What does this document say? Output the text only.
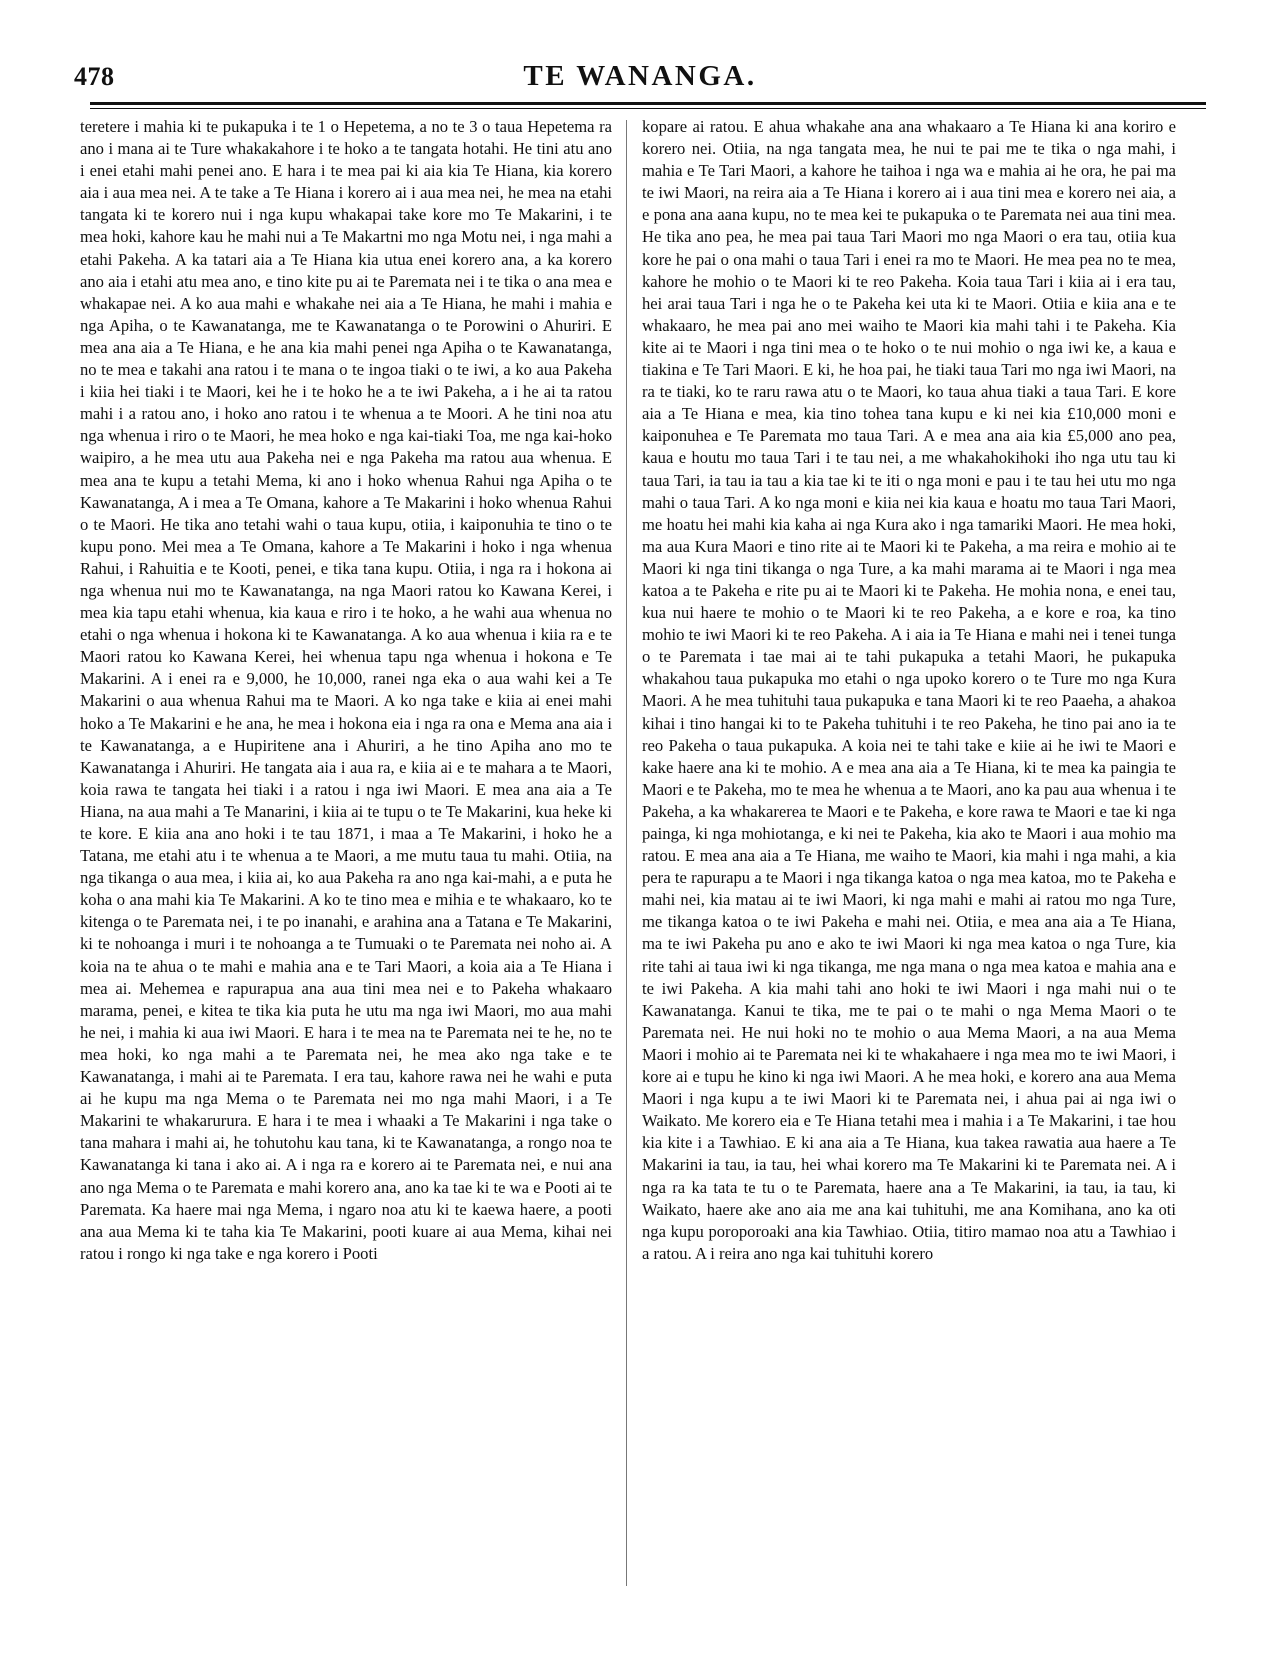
478	TE WANANGA.

teretere i mahia ki te pukapuka i te 1 o Hepetema, a no te 3 o taua Hepetema ra ano i mana ai te Ture whakakahore i te hoko a te tangata hotahi. He tini atu ano i enei etahi mahi penei ano. E hara i te mea pai ki aia kia Te Hiana, kia korero aia i aua mea nei. A te take a Te Hiana i korero ai i aua mea nei, he mea na etahi tangata ki te korero nui i nga kupu whakapai take kore mo Te Makarini, i te mea hoki, kahore kau he mahi nui a Te Makartni mo nga Motu nei, i nga mahi a etahi Pakeha. A ka tatari aia a Te Hiana kia utua enei korero ana, a ka korero ano aia i etahi atu mea ano, e tino kite pu ai te Paremata nei i te tika o ana mea e whakapae nei. A ko aua mahi e whakahe nei aia a Te Hiana, he mahi i mahia e nga Apiha, o te Kawanatanga, me te Kawanatanga o te Porowini o Ahuriri. E mea ana aia a Te Hiana, e he ana kia mahi penei nga Apiha o te Kawanatanga, no te mea e takahi ana ratou i te mana o te ingoa tiaki o te iwi, a ko aua Pakeha i kiia hei tiaki i te Maori, kei he i te hoko he a te iwi Pakeha, a i he ai ta ratou mahi i a ratou ano, i hoko ano ratou i te whenua a te Moori. A he tini noa atu nga whenua i riro o te Maori, he mea hoko e nga kai-tiaki Toa, me nga kai-hoko waipiro, a he mea utu aua Pakeha nei e nga Pakeha ma ratou aua whenua. E mea ana te kupu a tetahi Mema, ki ano i hoko whenua Rahui nga Apiha o te Kawanatanga, A i mea a Te Omana, kahore a Te Makarini i hoko whenua Rahui o te Maori. He tika ano tetahi wahi o taua kupu, otiia, i kaiponuhia te tino o te kupu pono. Mei mea a Te Omana, kahore a Te Makarini i hoko i nga whenua Rahui, i Rahuitia e te Kooti, penei, e tika tana kupu. Otiia, i nga ra i hokona ai nga whenua nui mo te Kawanatanga, na nga Maori ratou ko Kawana Kerei, i mea kia tapu etahi whenua, kia kaua e riro i te hoko, a he wahi aua whenua no etahi o nga whenua i hokona ki te Kawanatanga. A ko aua whenua i kiia ra e te Maori ratou ko Kawana Kerei, hei whenua tapu nga whenua i hokona e Te Makarini. A i enei ra e 9,000, he 10,000, ranei nga eka o aua wahi kei a Te Makarini o aua whenua Rahui ma te Maori. A ko nga take e kiia ai enei mahi hoko a Te Makarini e he ana, he mea i hokona eia i nga ra ona e Mema ana aia i te Kawanatanga, a e Hupiritene ana i Ahuriri, a he tino Apiha ano mo te Kawanatanga i Ahuriri. He tangata aia i aua ra, e kiia ai e te mahara a te Maori, koia rawa te tangata hei tiaki i a ratou i nga iwi Maori. E mea ana aia a Te Hiana, na aua mahi a Te Manarini, i kiia ai te tupu o te Te Makarini, kua heke ki te kore. E kiia ana ano hoki i te tau 1871, i maa a Te Makarini, i hoko he a Tatana, me etahi atu i te whenua a te Maori, a me mutu taua tu mahi. Otiia, na nga tikanga o aua mea, i kiia ai, ko aua Pakeha ra ano nga kai-mahi, a e puta he koha o ana mahi kia Te Makarini. A ko te tino mea e mihia e te whakaaro, ko te kitenga o te Paremata nei, i te po inanahi, e arahina ana a Tatana e Te Makarini, ki te nohoanga i muri i te nohoanga a te Tumuaki o te Paremata nei noho ai. A koia na te ahua o te mahi e mahia ana e te Tari Maori, a koia aia a Te Hiana i mea ai. Mehemea e rapurapua ana aua tini mea nei e to Pakeha whakaaro marama, penei, e kitea te tika kia puta he utu ma nga iwi Maori, mo aua mahi he nei, i mahia ki aua iwi Maori. E hara i te mea na te Paremata nei te he, no te mea hoki, ko nga mahi a te Paremata nei, he mea ako nga take e te Kawanatanga, i mahi ai te Paremata. I era tau, kahore rawa nei he wahi e puta ai he kupu ma nga Mema o te Paremata nei mo nga mahi Maori, i a Te Makarini te whakarurura. E hara i te mea i whaaki a Te Makarini i nga take o tana mahara i mahi ai, he tohutohu kau tana, ki te Kawanatanga, a rongo noa te Kawanatanga ki tana i ako ai. A i nga ra e korero ai te Paremata nei, e nui ana ano nga Mema o te Paremata e mahi korero ana, ano ka tae ki te wa e Pooti ai te Paremata. Ka haere mai nga Mema, i ngaro noa atu ki te kaewa haere, a pooti ana aua Mema ki te taha kia Te Makarini, pooti kuare ai aua Mema, kihai nei ratou i rongo ki nga take e nga korero i Pooti

kopare ai ratou. E ahua whakahe ana ana whakaaro a Te Hiana ki ana koriro e korero nei. Otiia, na nga tangata mea, he nui te pai me te tika o nga mahi, i mahia e Te Tari Maori, a kahore he taihoa i nga wa e mahia ai he ora, he pai ma te iwi Maori, na reira aia a Te Hiana i korero ai i aua tini mea e korero nei aia, a e pona ana aana kupu, no te mea kei te pukapuka o te Paremata nei aua tini mea. He tika ano pea, he mea pai taua Tari Maori mo nga Maori o era tau, otiia kua kore he pai o ona mahi o taua Tari i enei ra mo te Maori. He mea pea no te mea, kahore he mohio o te Maori ki te reo Pakeha. Koia taua Tari i kiia ai i era tau, hei arai taua Tari i nga he o te Pakeha kei uta ki te Maori. Otiia e kiia ana e te whakaaro, he mea pai ano mei waiho te Maori kia mahi tahi i te Pakeha. Kia kite ai te Maori i nga tini mea o te hoko o te nui mohio o nga iwi ke, a kaua e tiakina e Te Tari Maori. E ki, he hoa pai, he tiaki taua Tari mo nga iwi Maori, na ra te tiaki, ko te raru rawa atu o te Maori, ko taua ahua tiaki a taua Tari. E kore aia a Te Hiana e mea, kia tino tohea tana kupu e ki nei kia £10,000 moni e kaiponuhea e Te Paremata mo taua Tari. A e mea ana aia kia £5,000 ano pea, kaua e houtu mo taua Tari i te tau nei, a me whakahokihoki iho nga utu tau ki taua Tari, ia tau ia tau a kia tae ki te iti o nga moni e pau i te tau hei utu mo nga mahi o taua Tari. A ko nga moni e kiia nei kia kaua e hoatu mo taua Tari Maori, me hoatu hei mahi kia kaha ai nga Kura ako i nga tamariki Maori. He mea hoki, ma aua Kura Maori e tino rite ai te Maori ki te Pakeha, a ma reira e mohio ai te Maori ki nga tini tikanga o nga Ture, a ka mahi marama ai te Maori i nga mea katoa a te Pakeha e rite pu ai te Maori ki te Pakeha. He mohia nona, e enei tau, kua nui haere te mohio o te Maori ki te reo Pakeha, a e kore e roa, ka tino mohio te iwi Maori ki te reo Pakeha. A i aia ia Te Hiana e mahi nei i tenei tunga o te Paremata i tae mai ai te tahi pukapuka a tetahi Maori, he pukapuka whakahou taua pukapuka mo etahi o nga upoko korero o te Ture mo nga Kura Maori. A he mea tuhituhi taua pukapuka e tana Maori ki te reo Paaeha, a ahakoa kihai i tino hangai ki to te Pakeha tuhituhi i te reo Pakeha, he tino pai ano ia te reo Pakeha o taua pukapuka. A koia nei te tahi take e kiie ai he iwi te Maori e kake haere ana ki te mohio. A e mea ana aia a Te Hiana, ki te mea ka paingia te Maori e te Pakeha, mo te mea he whenua a te Maori, ano ka pau aua whenua i te Pakeha, a ka whakarerea te Maori e te Pakeha, e kore rawa te Maori e tae ki nga painga, ki nga mohiotanga, e ki nei te Pakeha, kia ako te Maori i aua mohio ma ratou. E mea ana aia a Te Hiana, me waiho te Maori, kia mahi i nga mahi, a kia pera te rapurapu a te Maori i nga tikanga katoa o nga mea katoa, mo te Pakeha e mahi nei, kia matau ai te iwi Maori, ki nga mahi e mahi ai ratou mo nga Ture, me tikanga katoa o te iwi Pakeha e mahi nei. Otiia, e mea ana aia a Te Hiana, ma te iwi Pakeha pu ano e ako te iwi Maori ki nga mea katoa o nga Ture, kia rite tahi ai taua iwi ki nga tikanga, me nga mana o nga mea katoa e mahia ana e te iwi Pakeha. A kia mahi tahi ano hoki te iwi Maori i nga mahi nui o te Kawanatanga. Kanui te tika, me te pai o te mahi o nga Mema Maori o te Paremata nei. He nui hoki no te mohio o aua Mema Maori, a na aua Mema Maori i mohio ai te Paremata nei ki te whakahaere i nga mea mo te iwi Maori, i kore ai e tupu he kino ki nga iwi Maori. A he mea hoki, e korero ana aua Mema Maori i nga kupu a te iwi Maori ki te Paremata nei, i ahua pai ai nga iwi o Waikato. Me korero eia e Te Hiana tetahi mea i mahia i a Te Makarini, i tae hou kia kite i a Tawhiao. E ki ana aia a Te Hiana, kua takea rawatia aua haere a Te Makarini ia tau, ia tau, hei whai korero ma Te Makarini ki te Paremata nei. A i nga ra ka tata te tu o te Paremata, haere ana a Te Makarini, ia tau, ia tau, ki Waikato, haere ake ano aia me ana kai tuhituhi, me ana Komihana, ano ka oti nga kupu poroporoaki ana kia Tawhiao. Otiia, titiro mamao noa atu a Tawhiao i a ratou. A i reira ano nga kai tuhituhi korero
